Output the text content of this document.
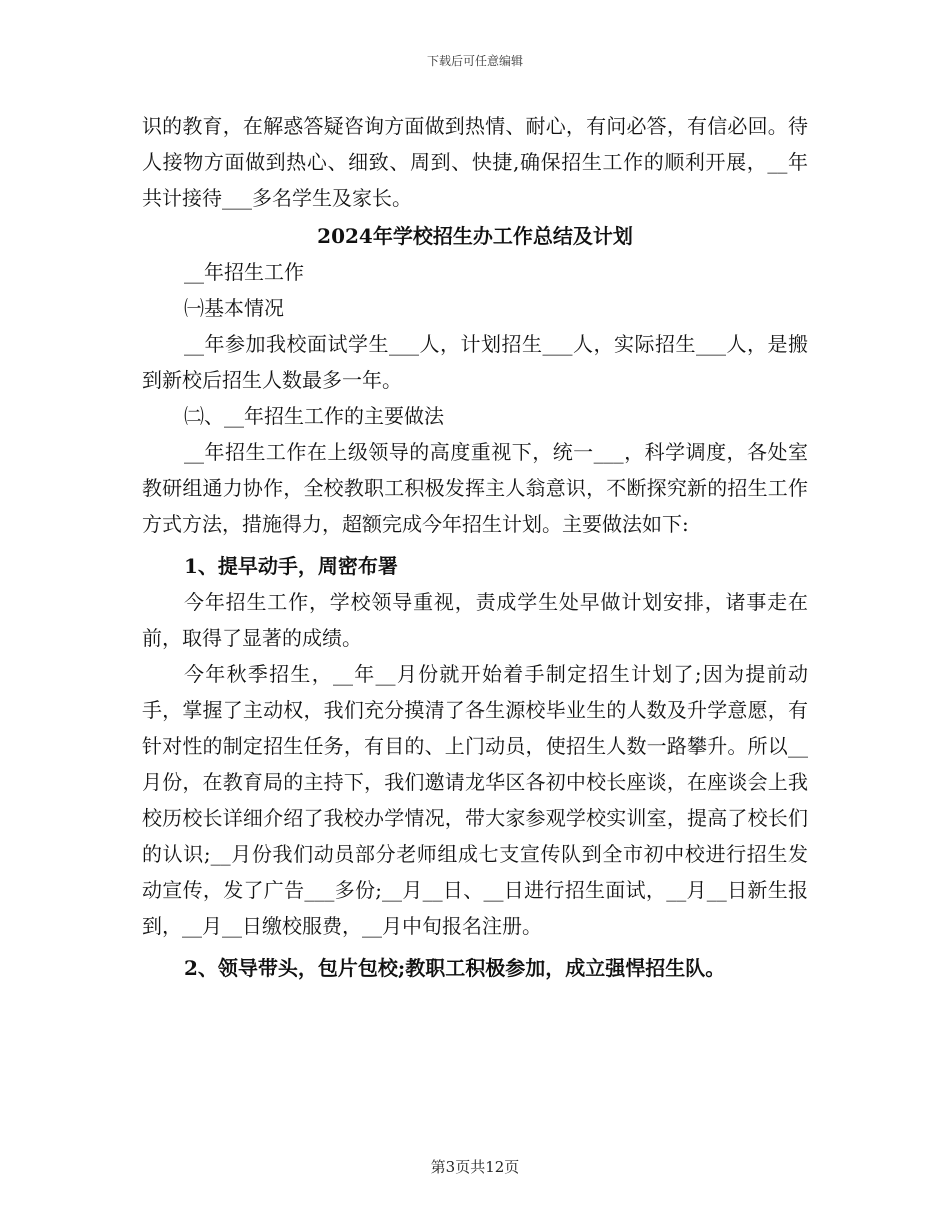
下载后可任意编辑

识的教育，在解惑答疑咨询方面做到热情、耐心，有问必答，有信必回。待人接物方面做到热心、细致、周到、快捷,确保招生工作的顺利开展，__年共计接待___多名学生及家长。

2024年学校招生办工作总结及计划

__年招生工作

㈠基本情况

__年参加我校面试学生___人，计划招生___人，实际招生___人，是搬到新校后招生人数最多一年。

㈡、__年招生工作的主要做法

__年招生工作在上级领导的高度重视下，统一___，科学调度，各处室教研组通力协作，全校教职工积极发挥主人翁意识，不断探究新的招生工作方式方法，措施得力，超额完成今年招生计划。主要做法如下:

1、提早动手，周密布署

今年招生工作，学校领导重视，责成学生处早做计划安排，诸事走在前，取得了显著的成绩。

今年秋季招生，__年__月份就开始着手制定招生计划了;因为提前动手，掌握了主动权，我们充分摸清了各生源校毕业生的人数及升学意愿，有针对性的制定招生任务，有目的、上门动员，使招生人数一路攀升。所以__月份，在教育局的主持下，我们邀请龙华区各初中校长座谈，在座谈会上我校历校长详细介绍了我校办学情况，带大家参观学校实训室，提高了校长们的认识;__月份我们动员部分老师组成七支宣传队到全市初中校进行招生发动宣传，发了广告___多份;__月__日、__日进行招生面试，__月__日新生报到，__月__日缴校服费，__月中旬报名注册。

2、领导带头，包片包校;教职工积极参加，成立强悍招生队。

第3页共12页
